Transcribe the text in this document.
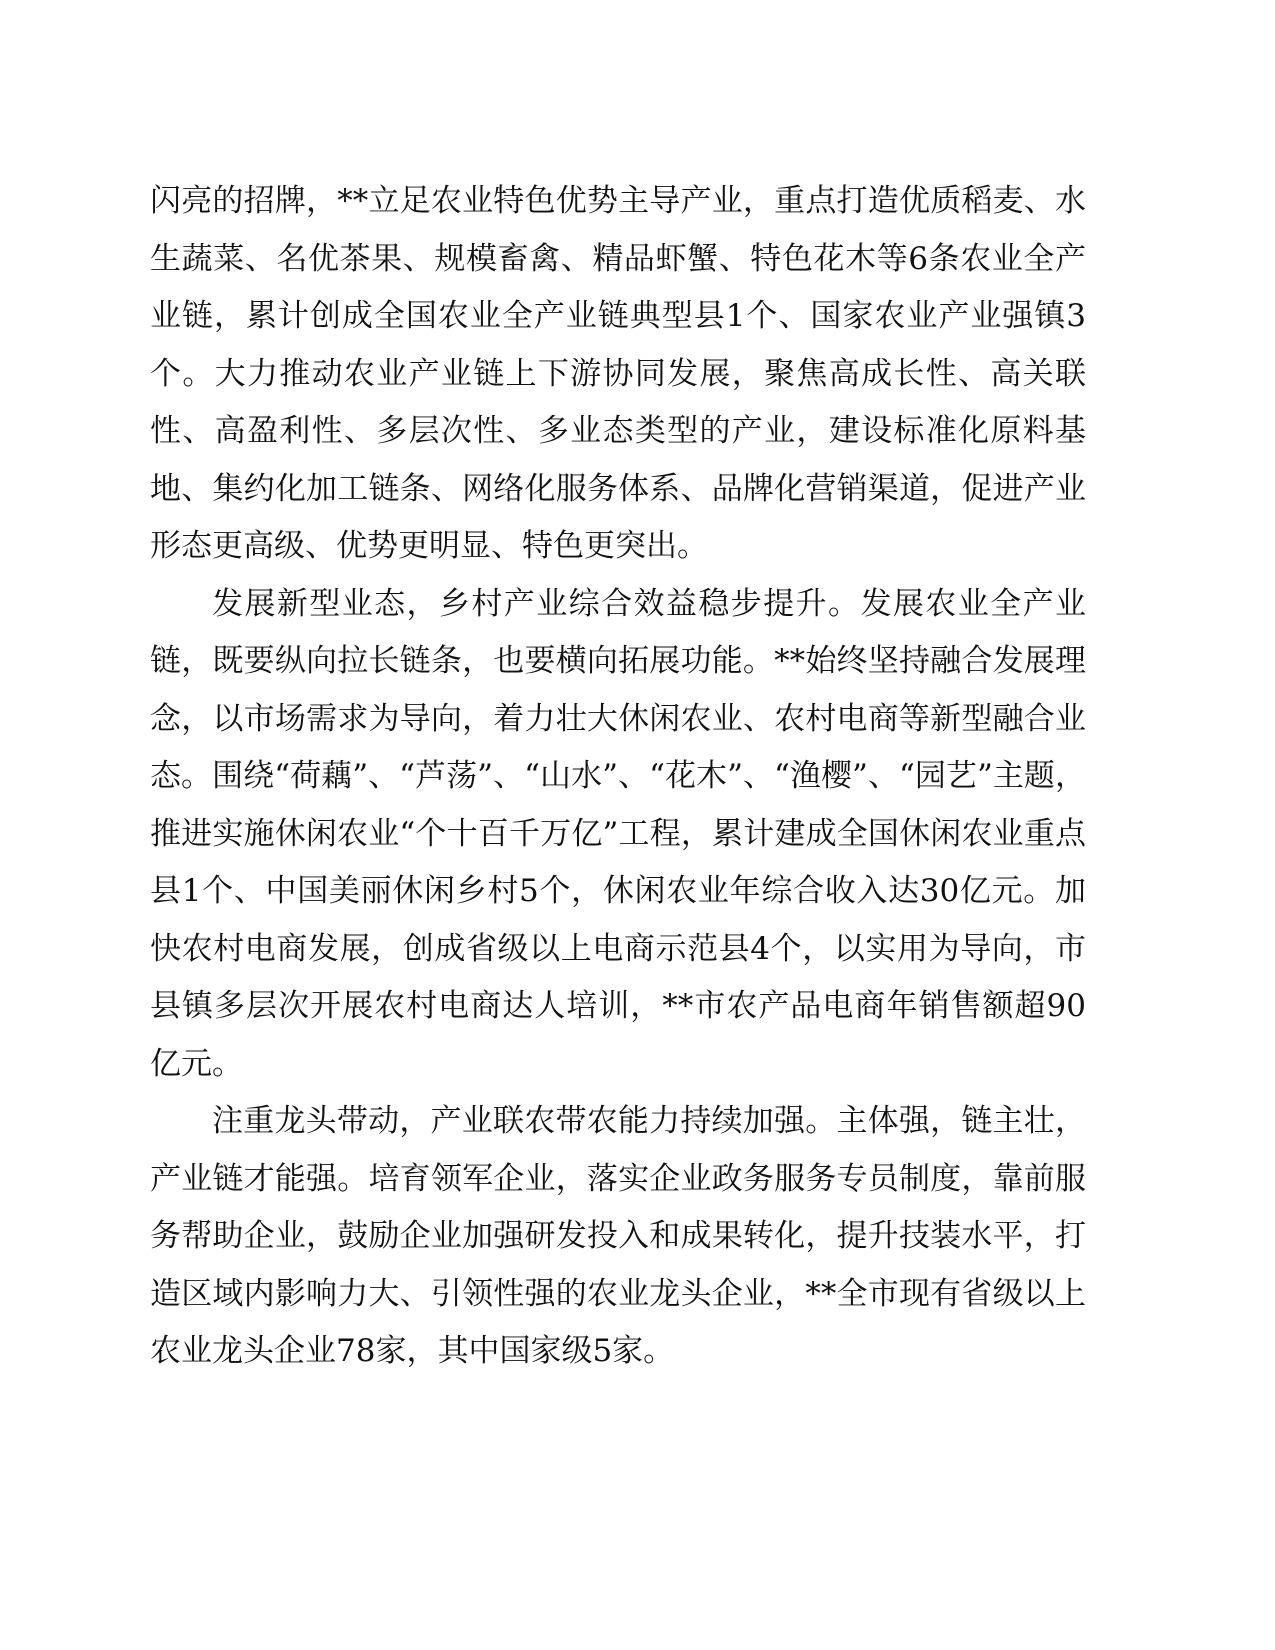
闪亮的招牌，**立足农业特色优势主导产业，重点打造优质稻麦、水生蔬菜、名优茶果、规模畜禽、精品虾蟹、特色花木等6条农业全产业链，累计创成全国农业全产业链典型县1个、国家农业产业强镇3个。大力推动农业产业链上下游协同发展，聚焦高成长性、高关联性、高盈利性、多层次性、多业态类型的产业，建设标准化原料基地、集约化加工链条、网络化服务体系、品牌化营销渠道，促进产业形态更高级、优势更明显、特色更突出。

发展新型业态，乡村产业综合效益稳步提升。发展农业全产业链，既要纵向拉长链条，也要横向拓展功能。**始终坚持融合发展理念，以市场需求为导向，着力壮大休闲农业、农村电商等新型融合业态。围绕“荷藕”、“芦荡”、“山水”、“花木”、“渔樱”、“园艺”主题，推进实施休闲农业“个十百千万亿”工程，累计建成全国休闲农业重点县1个、中国美丽休闲乡村5个，休闲农业年综合收入达30亿元。加快农村电商发展，创成省级以上电商示范县4个，以实用为导向，市县镇多层次开展农村电商达人培训，**市农产品电商年销售额超90亿元。

注重龙头带动，产业联农带农能力持续加强。主体强，链主壮，产业链才能强。培育领军企业，落实企业政务服务专员制度，靠前服务帮助企业，鼓励企业加强研发投入和成果转化，提升技装水平，打造区域内影响力大、引领性强的农业龙头企业，**全市现有省级以上农业龙头企业78家，其中国家级5家。
